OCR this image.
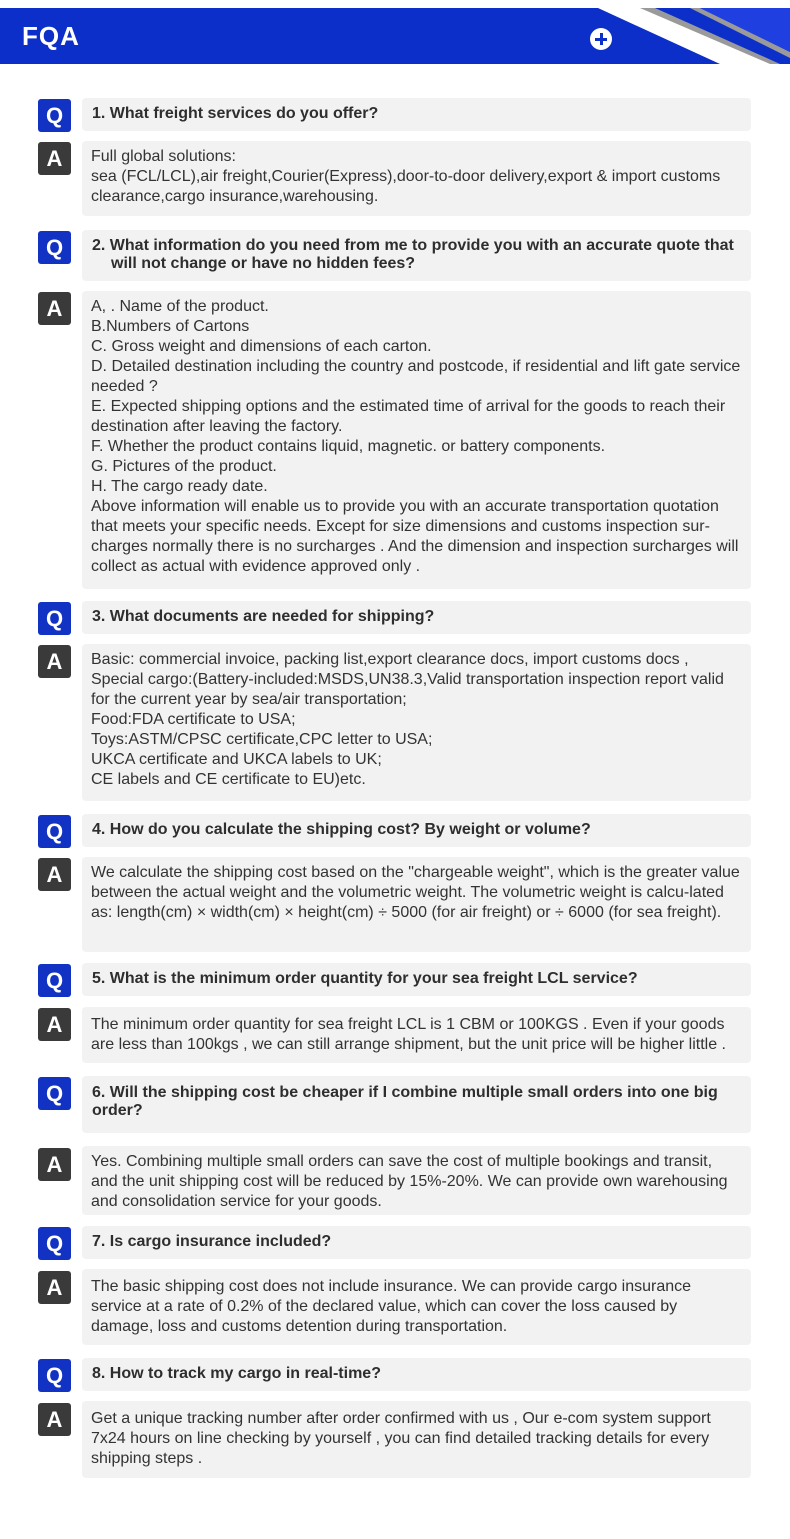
FQA
Q	1. What freight services do you offer?
A	Full global solutions:
sea (FCL/LCL),air freight,Courier(Express),door-to-door delivery,export & import customs clearance,cargo insurance,warehousing.
Q	2. What information do you need from me to provide you with an accurate quote that will not change or have no hidden fees?
A	A, . Name of the product.
B.Numbers of Cartons
C. Gross weight and dimensions of each carton.
D. Detailed destination including the country and postcode, if residential and lift gate service needed ?
E. Expected shipping options and the estimated time of arrival for the goods to reach their destination after leaving the factory.
F. Whether the product contains liquid, magnetic. or battery components.
G. Pictures of the product.
H. The cargo ready date.
Above information will enable us to provide you with an accurate transportation quotation that meets your specific needs. Except for size dimensions and customs inspection sur-charges normally there is no surcharges . And the dimension and inspection surcharges will collect as actual with evidence approved only .
Q	3. What documents are needed for shipping?
A	Basic: commercial invoice, packing list,export clearance docs, import customs docs ,
Special cargo:(Battery-included:MSDS,UN38.3,Valid transportation inspection report valid for the current year by sea/air transportation;
Food:FDA certificate to USA;
Toys:ASTM/CPSC certificate,CPC letter to USA;
UKCA certificate and UKCA labels to UK;
CE labels and CE certificate to EU)etc.
Q	4. How do you calculate the shipping cost? By weight or volume?
A	We calculate the shipping cost based on the "chargeable weight", which is the greater value between the actual weight and the volumetric weight. The volumetric weight is calcu-lated as: length(cm) × width(cm) × height(cm) ÷ 5000 (for air freight) or ÷ 6000 (for sea freight).
Q	5. What is the minimum order quantity for your sea freight LCL service?
A	The minimum order quantity for sea freight LCL is 1 CBM or 100KGS . Even if your goods are less than 100kgs , we can still arrange shipment, but the unit price will be higher little .
Q	6. Will the shipping cost be cheaper if I combine multiple small orders into one big order?
A	Yes. Combining multiple small orders can save the cost of multiple bookings and transit, and the unit shipping cost will be reduced by 15%-20%. We can provide own warehousing and consolidation service for your goods.
Q	7. Is cargo insurance included?
A	The basic shipping cost does not include insurance. We can provide cargo insurance service at a rate of 0.2% of the declared value, which can cover the loss caused by damage, loss and customs detention during transportation.
Q	8. How to track my cargo in real-time?
A	Get a unique tracking number after order confirmed with us , Our e-com system support 7x24 hours on line checking by yourself , you can find detailed tracking details for every shipping steps .
